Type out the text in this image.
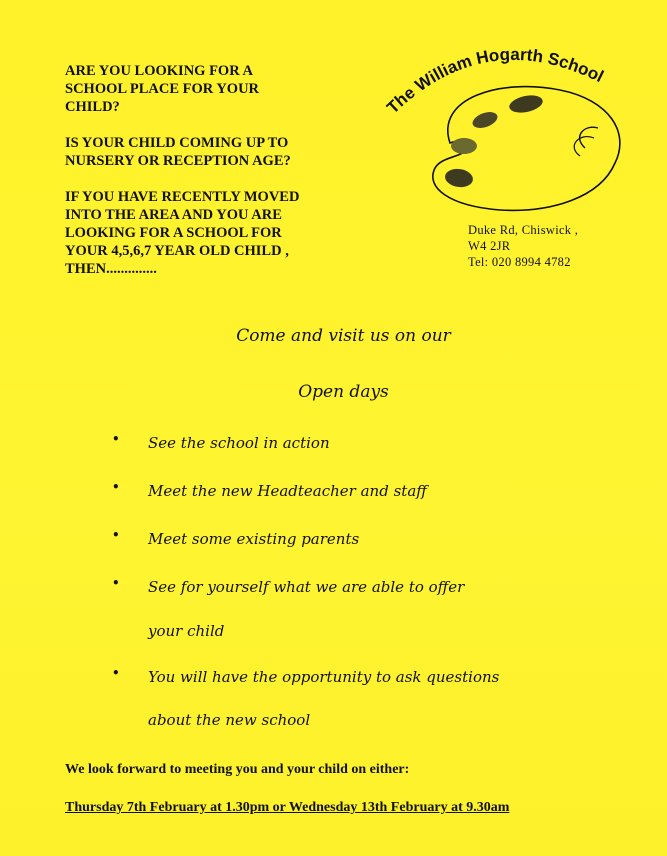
ARE YOU LOOKING FOR A
SCHOOL PLACE FOR YOUR
CHILD?

IS YOUR CHILD COMING UP TO
NURSERY OR RECEPTION AGE?

IF YOU HAVE RECENTLY MOVED
INTO THE AREA AND YOU ARE
LOOKING FOR A SCHOOL FOR
YOUR 4,5,6,7 YEAR OLD CHILD ,
THEN..............

The William Hogarth School
Duke Rd, Chiswick ,
W4 2JR
Tel: 020 8994 4782
Come and visit us on our
Open days
• See the school in action
• Meet the new Headteacher and staff
• Meet some existing parents
• See for yourself what we are able to offer
your child
• You will have the opportunity to ask questions
about the new school
We look forward to meeting you and your child on either:
Thursday 7th February at 1.30pm or Wednesday 13th February at 9.30am
